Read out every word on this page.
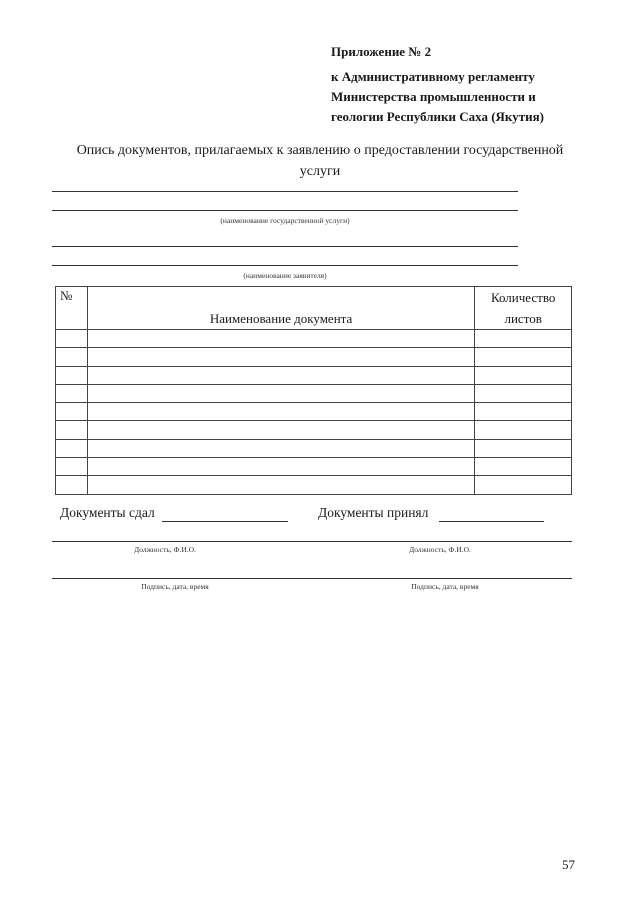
Приложение № 2
к Административному регламенту
Министерства промышленности и
геологии Республики Саха (Якутия)
Опись документов, прилагаемых к заявлению о предоставлении государственной
услуги
(наименование государственной услуги)
(наименование заявителя)
№	Наименование документа	Количество
листов

Документы сдал	Документы принял
Должность, Ф.И.О.	Должность, Ф.И.О.
Подпись, дата, время	Подпись, дата, время
57
